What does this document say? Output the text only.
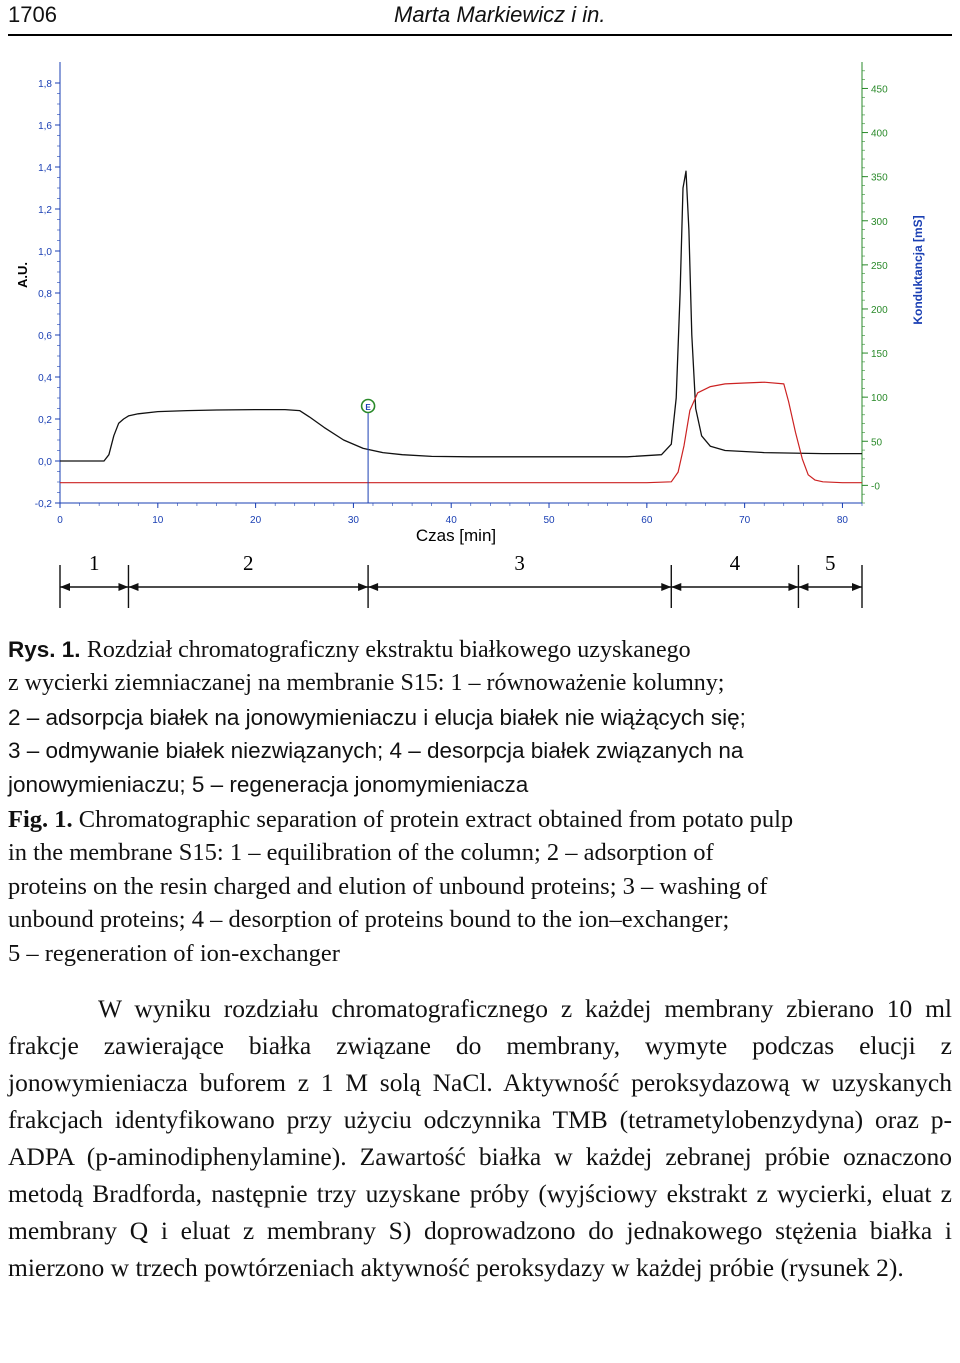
1706	Marta Markiewicz i in.
-0,2
0,0
0,2
0,4
0,6
0,8
1,0
1,2
1,4
1,6
1,8
-0
50
100
150
200
250
300
350
400
450
0	10	20	30	40	50	60	70	80
E
1	2	3	4	5
Czas [min]
A.U.	Konduktancja [mS]
Rys. 1. Rozdział chromatograficzny ekstraktu białkowego uzyskanego
z wycierki ziemniaczanej na membranie S15: 1 – równoważenie kolumny;
2 – adsorpcja białek na jonowymieniaczu i elucja białek nie wiążących się;
3 – odmywanie białek niezwiązanych; 4 – desorpcja białek związanych na
jonowymieniaczu; 5 – regeneracja jonomymieniacza
Fig. 1. Chromatographic separation of protein extract obtained from potato pulp
in the membrane S15: 1 – equilibration of the column; 2 – adsorption of
proteins on the resin charged and elution of unbound proteins; 3 – washing of
unbound proteins; 4 – desorption of proteins bound to the ion–exchanger;
5 – regeneration of ion-exchanger

W wyniku rozdziału chromatograficznego z każdej membrany zbierano 10 ml frakcje zawierające białka związane do membrany, wymyte podczas elucji z jonowymieniacza buforem z 1 M solą NaCl. Aktywność peroksydazową w uzyskanych frakcjach identyfikowano przy użyciu odczynnika TMB (tetrametylobenzydyna) oraz p-ADPA (p-aminodiphenylamine). Zawartość białka w każdej zebranej próbie oznaczono metodą Bradforda, następnie trzy uzyskane próby (wyjściowy ekstrakt z wycierki, eluat z membrany Q i eluat z membrany S) doprowadzono do jednakowego stężenia białka i mierzono w trzech powtórzeniach aktywność peroksydazy w każdej próbie (rysunek 2).
